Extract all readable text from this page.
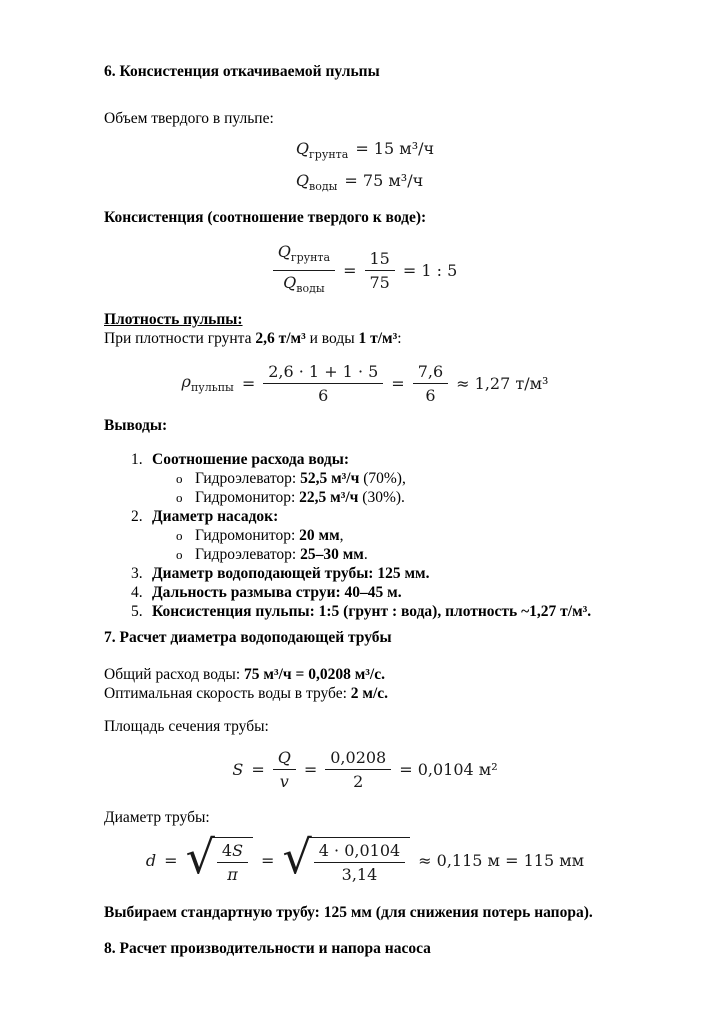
6. Консистенция откачиваемой пульпы

Объем твердого в пульпе:

$Q_{грунта} = 15$ м³/ч
$Q_{воды} = 75$ м³/ч

Консистенция (соотношение твердого к воде):

$\frac{Q_{грунта}}{Q_{воды}} = \frac{15}{75} = 1$ : 5

Плотность пульпы:

При плотности грунта 2,6 т/м³ и воды 1 т/м³:

$\rho_{пульпы} = \frac{2,6 \cdot 1 + 1 \cdot 5}{6} = \frac{7,6}{6} \approx 1,27$ т/м³

Выводы:

1. Соотношение расхода воды:
o Гидроэлеватор: 52,5 м³/ч (70%),
o Гидромонитор: 22,5 м³/ч (30%).
2. Диаметр насадок:
o Гидромонитор: 20 мм,
o Гидроэлеватор: 25–30 мм.
3. Диаметр водоподающей трубы: 125 мм.
4. Дальность размыва струи: 40–45 м.
5. Консистенция пульпы: 1:5 (грунт : вода), плотность ~1,27 т/м³.

7. Расчет диаметра водоподающей трубы

Общий расход воды: 75 м³/ч = 0,0208 м³/с.

Оптимальная скорость воды в трубе: 2 м/с.

Площадь сечения трубы:

$S = \frac{Q}{v} = \frac{0,0208}{2} = 0,0104$ м²

Диаметр трубы:

d = √ $\frac{4S}{\pi}$ = √ $\frac{4 \cdot 0,0104}{3,14} \approx 0,115$ м = 115 мм

Выбираем стандартную трубу: 125 мм (для снижения потерь напора).

8. Расчет производительности и напора насоса
